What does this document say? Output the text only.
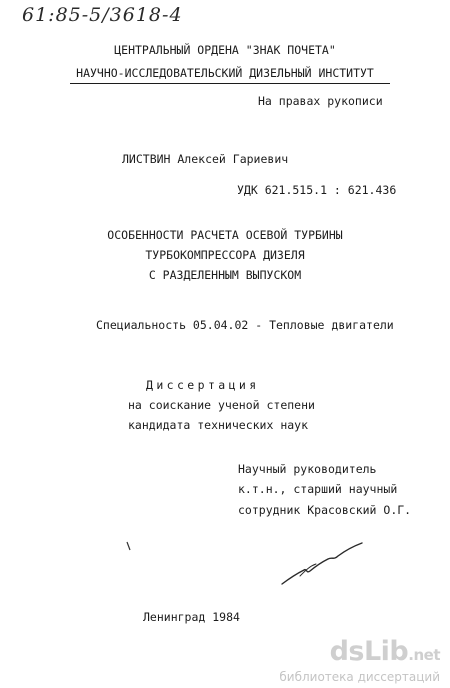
61:85-5/3618-4
ЦЕНТРАЛЬНЫЙ ОРДЕНА "ЗНАК ПОЧЕТА"
НАУЧНО-ИССЛЕДОВАТЕЛЬСКИЙ ДИЗЕЛЬНЫЙ ИНСТИТУТ
На правах рукописи
ЛИСТВИН Алексей Гариевич
УДК 621.515.1 : 621.436
ОСОБЕННОСТИ РАСЧЕТА ОСЕВОЙ ТУРБИНЫ
ТУРБОКОМПРЕССОРА ДИЗЕЛЯ
С РАЗДЕЛЕННЫМ ВЫПУСКОМ
Специальность 05.04.02 - Тепловые двигатели
Диссертация
на соискание ученой степени
кандидата технических наук
Научный руководитель
к.т.н., старший научный
сотрудник Красовский О.Г.
Ленинград 1984
dsLib.net
библиотека диссертаций
